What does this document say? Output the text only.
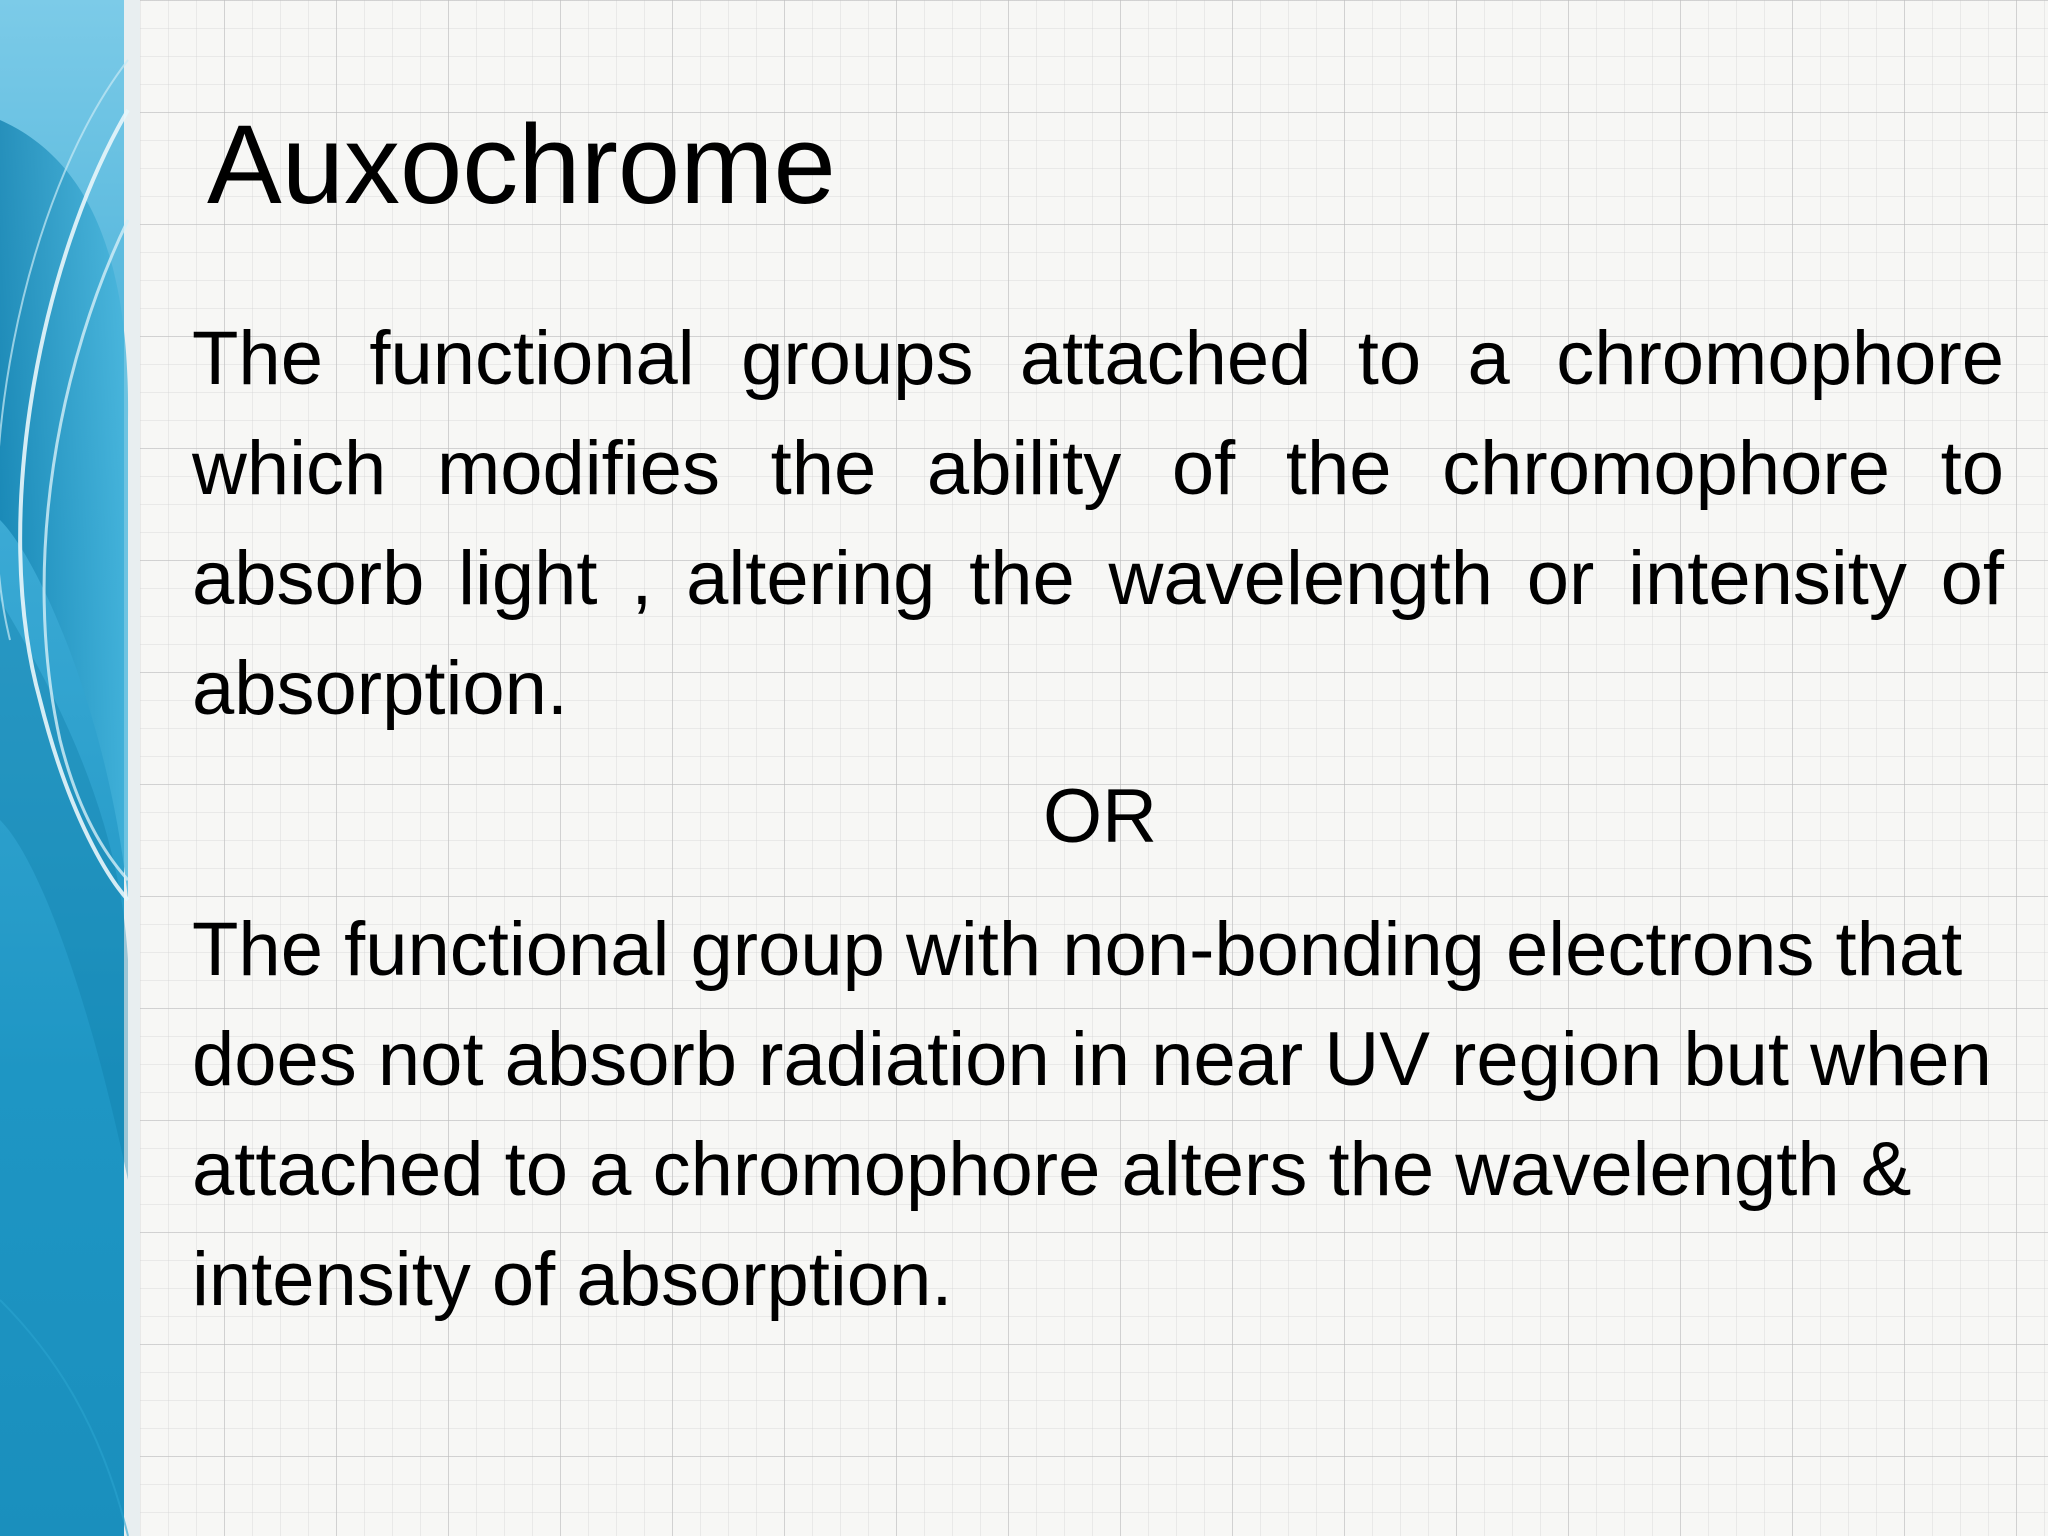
Auxochrome

The functional groups attached to a chromophore which modifies the ability of the chromophore to absorb light , altering the wavelength or intensity of absorption.

OR

The functional group with non-bonding electrons that does not absorb radiation in near UV region but when attached to a chromophore alters the wavelength & intensity of absorption.
